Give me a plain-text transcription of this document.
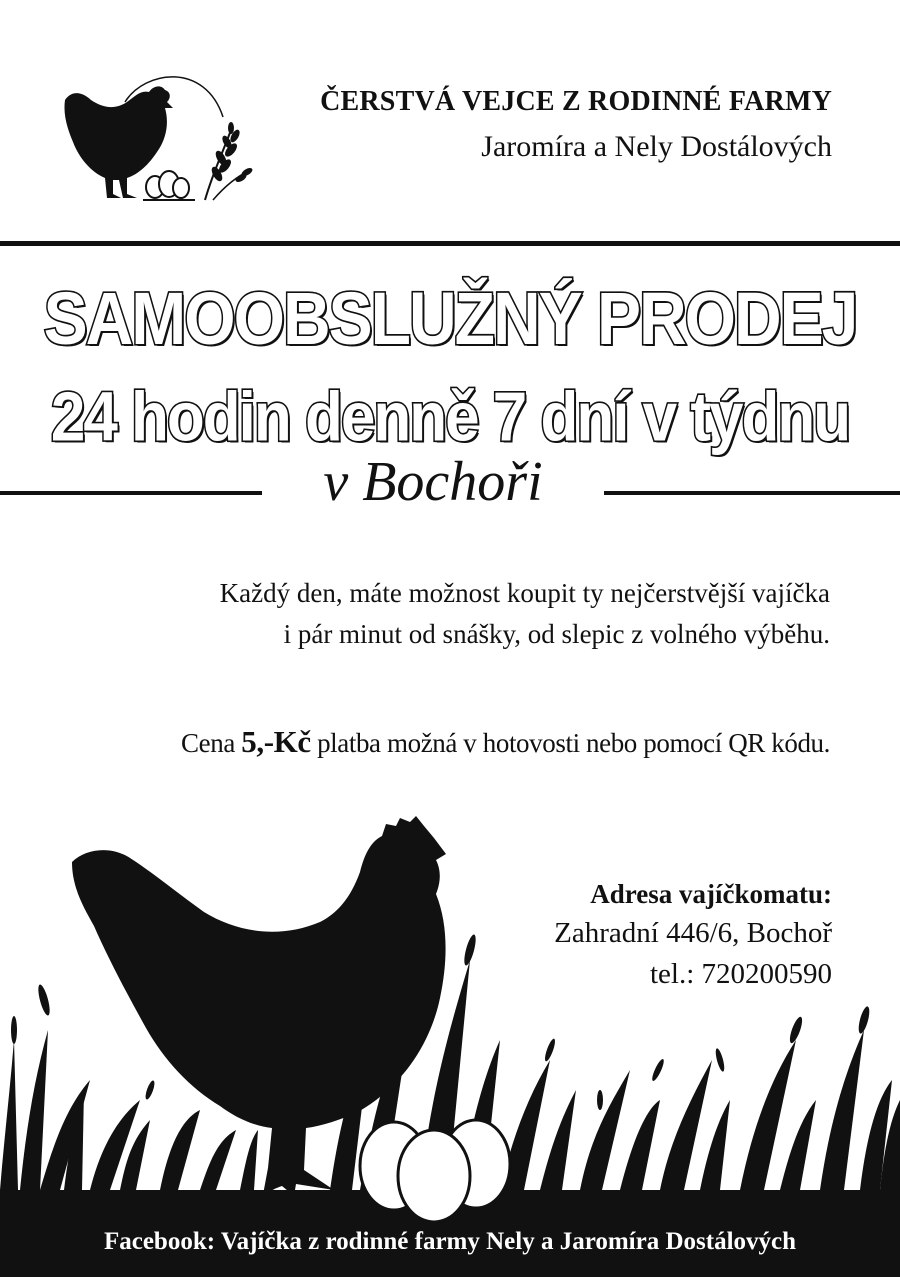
ČERSTVÁ VEJCE Z RODINNÉ FARMY
Jaromíra a Nely Dostálových
SAMOOBSLUŽNÝ PRODEJ
24 hodin denně 7 dní v týdnu
v Bochoři
Každý den, máte možnost koupit ty nejčerstvější vajíčka
i pár minut od snášky, od slepic z volného výběhu.
Cena 5,-Kč platba možná v hotovosti nebo pomocí QR kódu.
Adresa vajíčkomatu:
Zahradní 446/6, Bochoř
tel.: 720200590
Facebook: Vajíčka z rodinné farmy Nely a Jaromíra Dostálových
